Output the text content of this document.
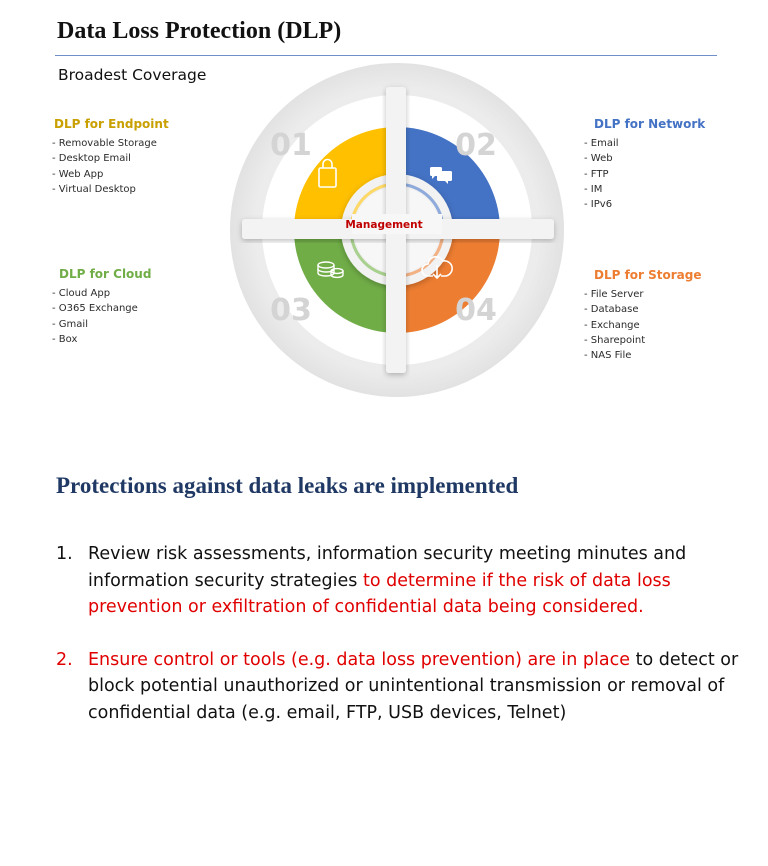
Data Loss Protection (DLP)
Broadest Coverage
DLP for Endpoint
- Removable Storage
- Desktop Email
- Web App
- Virtual Desktop
DLP for Network
- Email
- Web
- FTP
- IM
- IPv6
DLP for Cloud
- Cloud App
- O365 Exchange
- Gmail
- Box
DLP for Storage
- File Server
- Database
- Exchange
- Sharepoint
- NAS File
Management
01	02
03	04
Protections against data leaks are implemented
1. Review risk assessments, information security meeting minutes and information security strategies to determine if the risk of data loss prevention or exfiltration of confidential data being considered.
2. Ensure control or tools (e.g. data loss prevention) are in place to detect or block potential unauthorized or unintentional transmission or removal of confidential data (e.g. email, FTP, USB devices, Telnet)
